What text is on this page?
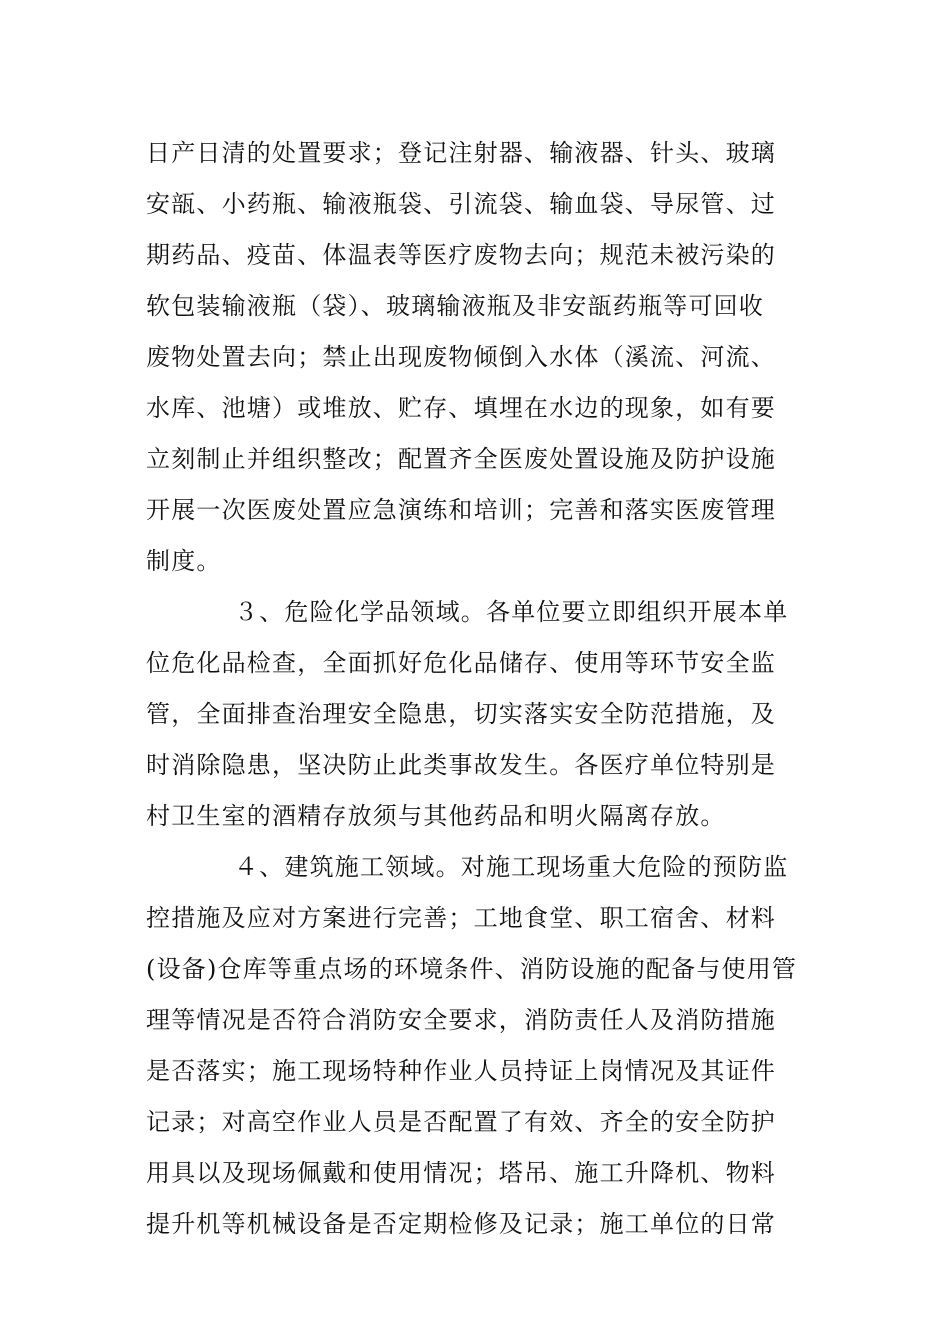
日产日清的处置要求；登记注射器、输液器、针头、玻璃
安瓿、小药瓶、输液瓶袋、引流袋、输血袋、导尿管、过
期药品、疫苗、体温表等医疗废物去向；规范未被污染的
软包装输液瓶（袋）、玻璃输液瓶及非安瓿药瓶等可回收
废物处置去向；禁止出现废物倾倒入水体（溪流、河流、
水库、池塘）或堆放、贮存、填埋在水边的现象，如有要
立刻制止并组织整改；配置齐全医废处置设施及防护设施
开展一次医废处置应急演练和培训；完善和落实医废管理
制度。
３、危险化学品领域。各单位要立即组织开展本单
位危化品检查，全面抓好危化品储存、使用等环节安全监
管，全面排查治理安全隐患，切实落实安全防范措施，及
时消除隐患，坚决防止此类事故发生。各医疗单位特别是
村卫生室的酒精存放须与其他药品和明火隔离存放。
４、建筑施工领域。对施工现场重大危险的预防监
控措施及应对方案进行完善；工地食堂、职工宿舍、材料
(设备)仓库等重点场的环境条件、消防设施的配备与使用管
理等情况是否符合消防安全要求，消防责任人及消防措施
是否落实；施工现场特种作业人员持证上岗情况及其证件
记录；对高空作业人员是否配置了有效、齐全的安全防护
用具以及现场佩戴和使用情况；塔吊、施工升降机、物料
提升机等机械设备是否定期检修及记录；施工单位的日常
